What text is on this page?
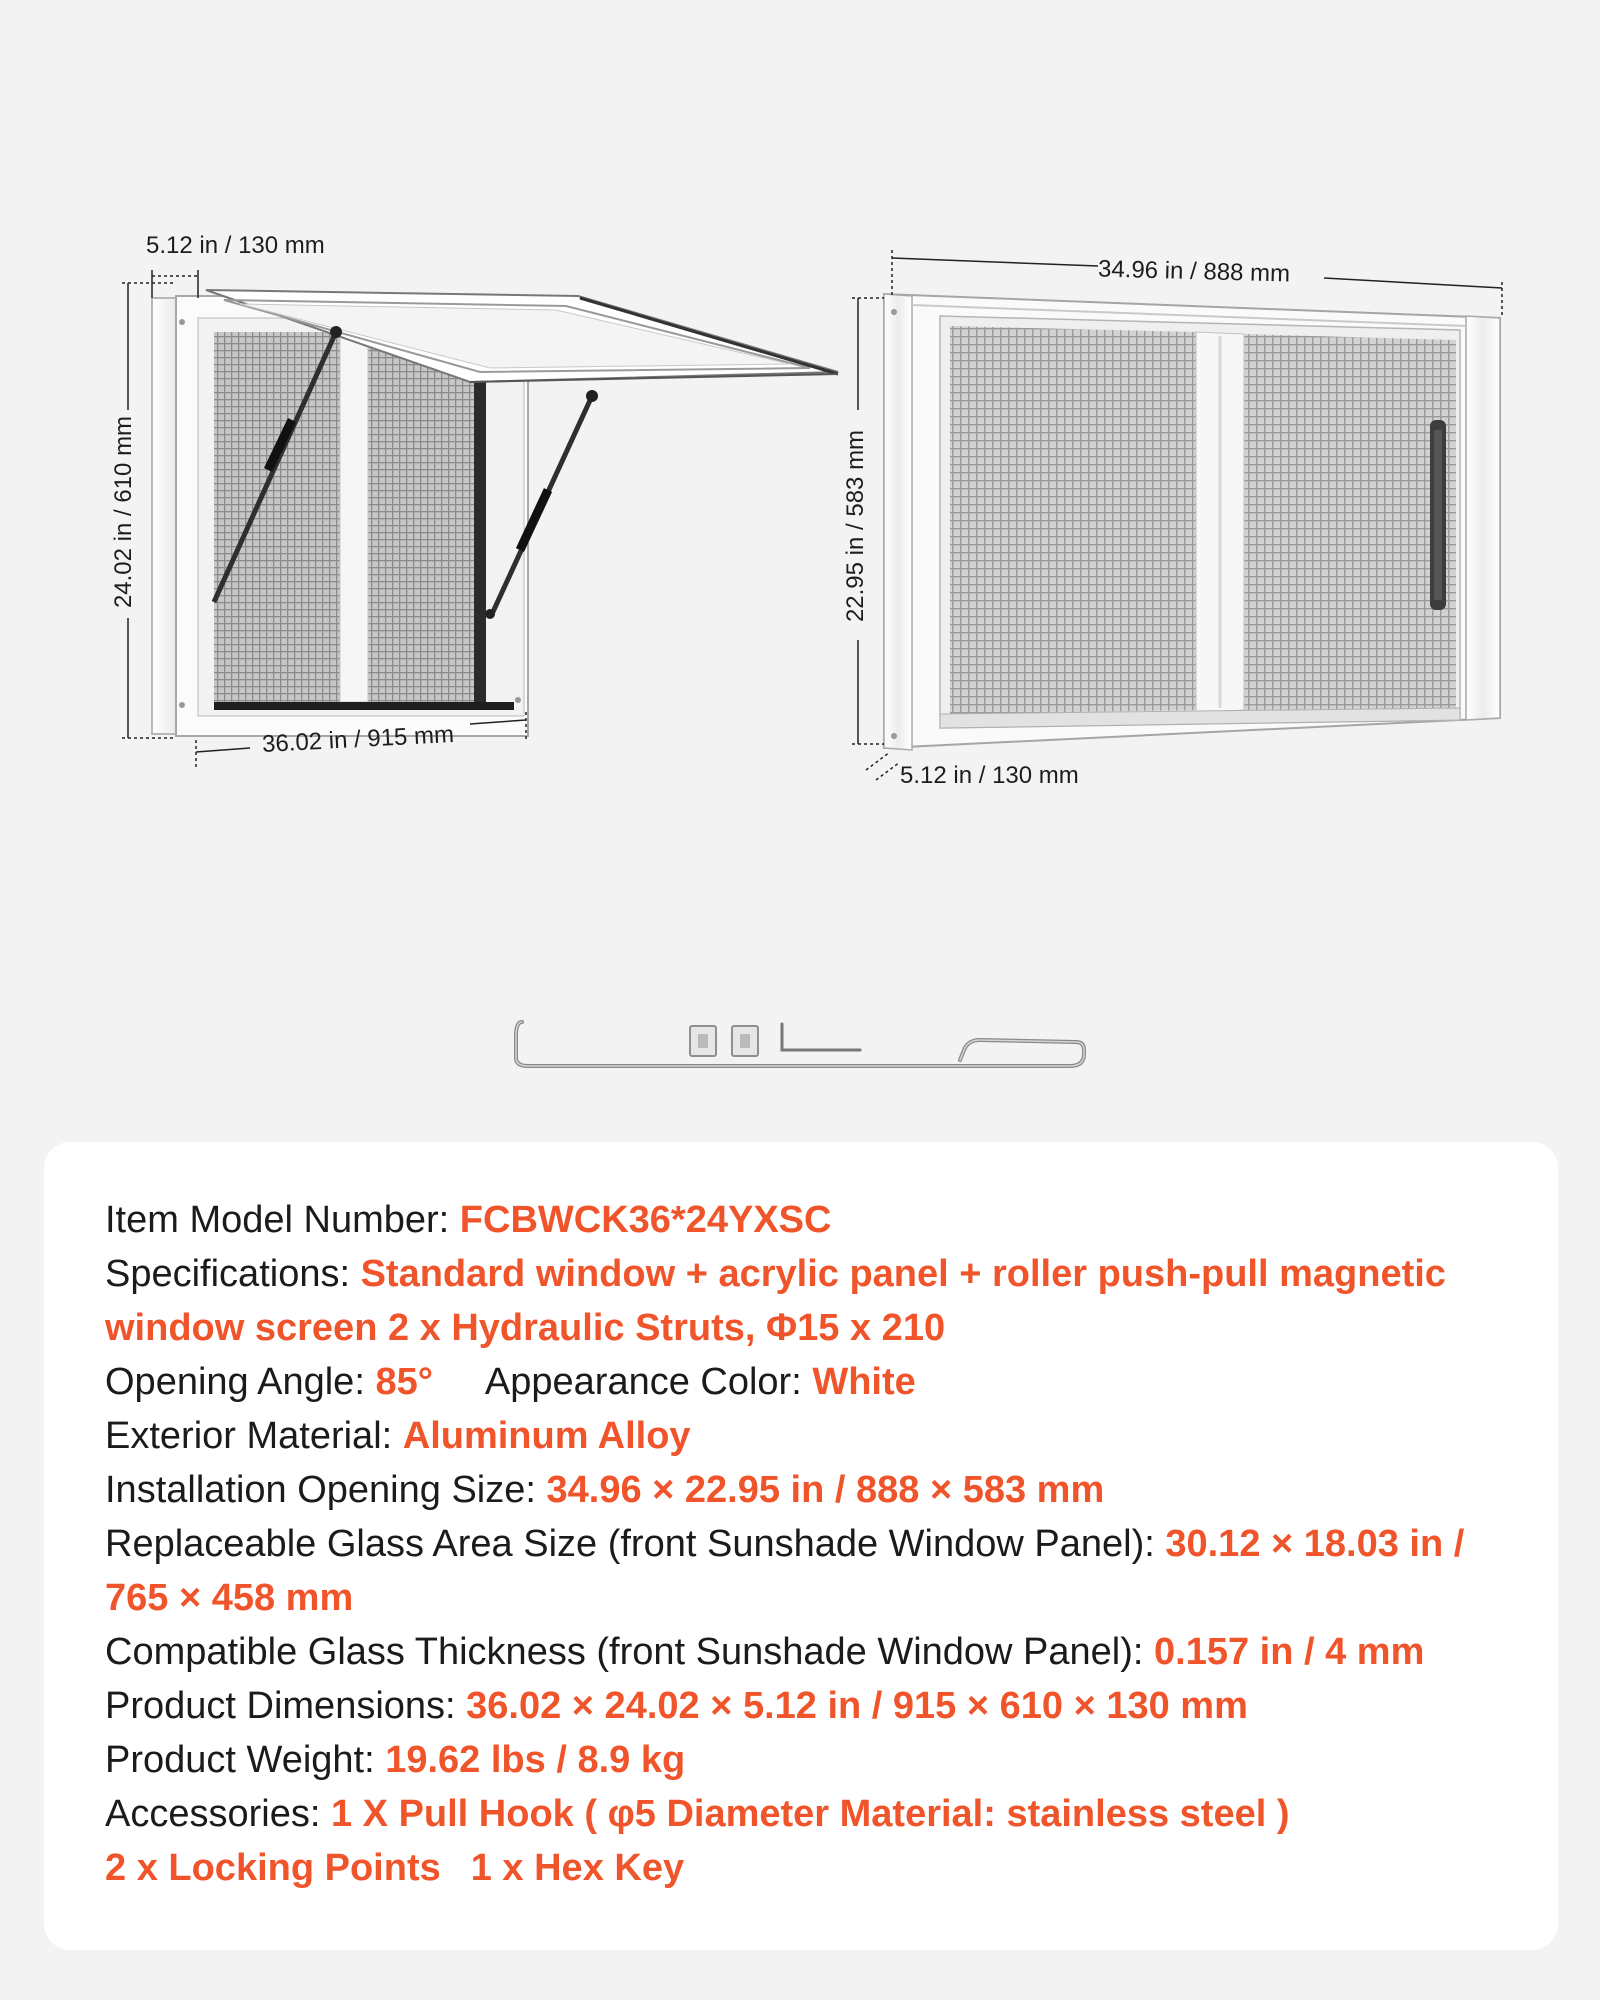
5.12 in / 130 mm
24.02 in / 610 mm
36.02 in / 915 mm
34.96 in / 888 mm
22.95 in / 583 mm
5.12 in / 130 mm
Item Model Number: FCBWCK36*24YXSC
Specifications: Standard window + acrylic panel + roller push-pull magnetic
window screen 2 x Hydraulic Struts, Φ15 x 210
Opening Angle: 85° Appearance Color: White
Exterior Material: Aluminum Alloy
Installation Opening Size: 34.96 × 22.95 in / 888 × 583 mm
Replaceable Glass Area Size (front Sunshade Window Panel): 30.12 × 18.03 in /
765 × 458 mm
Compatible Glass Thickness (front Sunshade Window Panel): 0.157 in / 4 mm
Product Dimensions: 36.02 × 24.02 × 5.12 in / 915 × 610 × 130 mm
Product Weight: 19.62 lbs / 8.9 kg
Accessories: 1 X Pull Hook ( φ5 Diameter Material: stainless steel )
2 x Locking Points 1 x Hex Key
